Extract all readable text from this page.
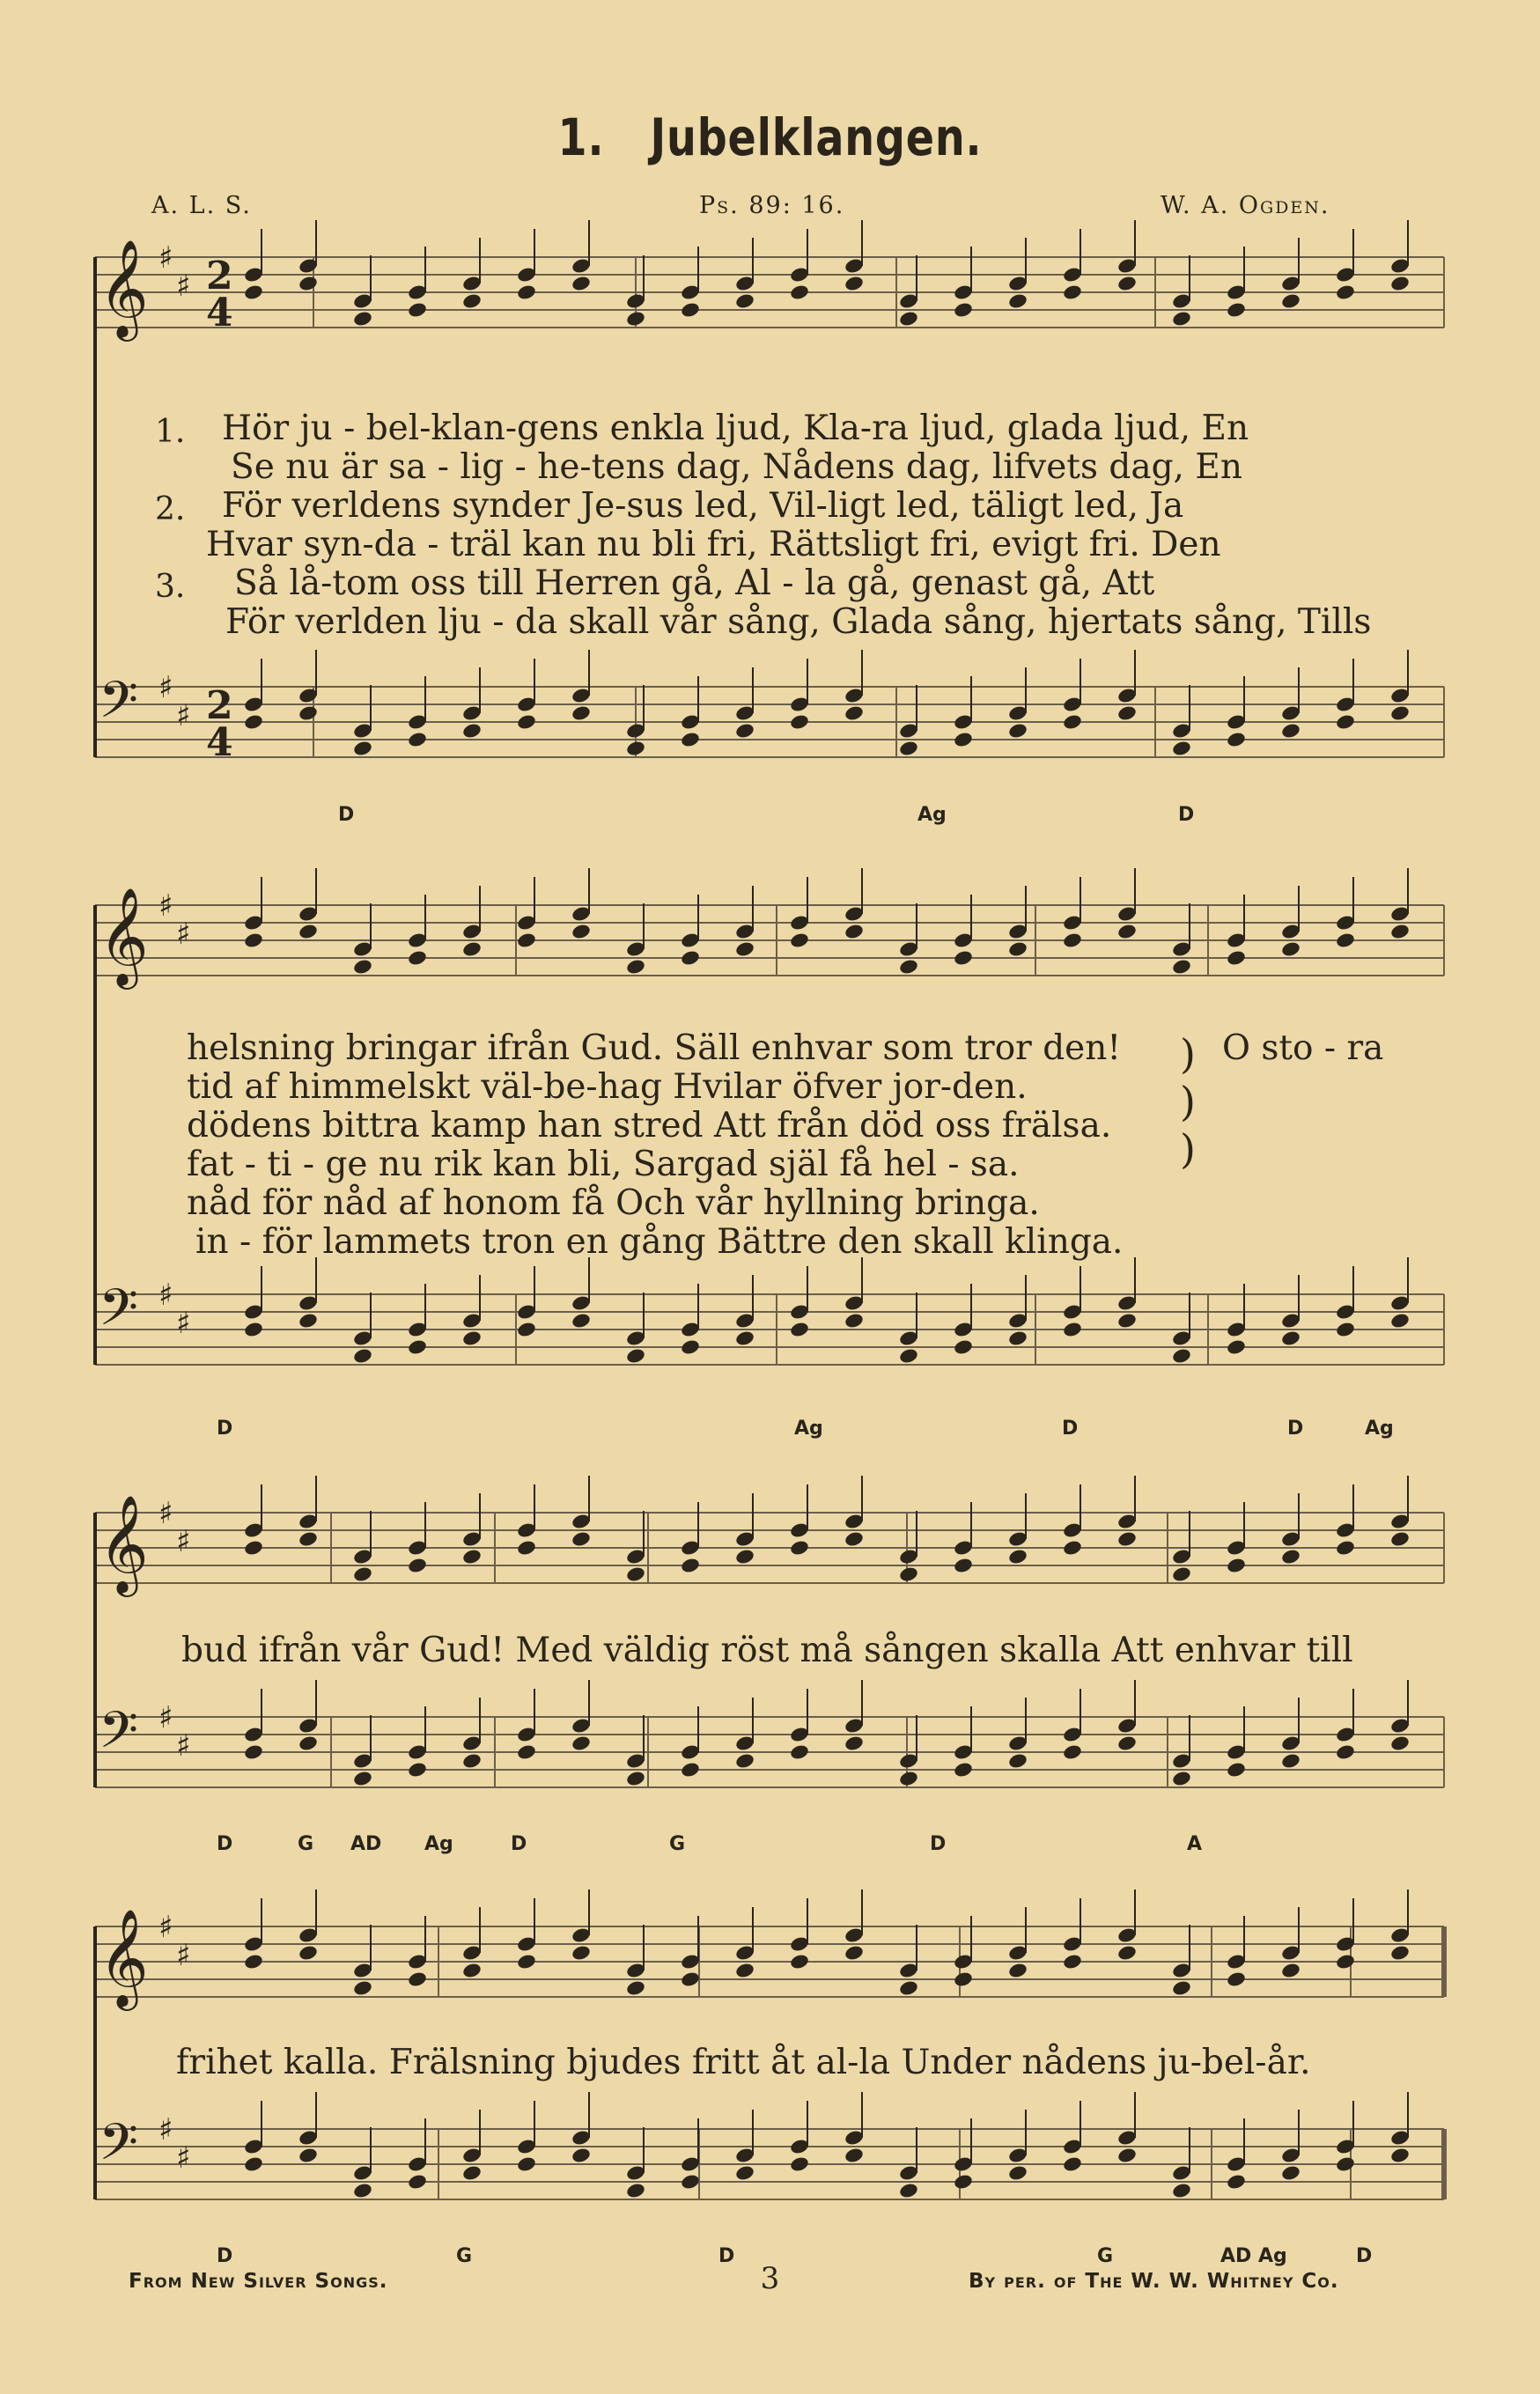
𝄞 ♯
♯ 2
4
𝄢 ♯
♯ 2
4
𝄞 ♯
♯
𝄢 ♯
♯
𝄞 ♯
♯
𝄢 ♯
♯
𝄞 ♯
♯
𝄢 ♯
♯
1. Jubelklangen.
A. L. S.	Ps. 89: 16.	W. A. Ogden.
1.
2.
3.
Hör ju - bel-klan-gens enkla ljud, Kla-ra ljud, glada ljud, En
Se nu är sa - lig - he-tens dag, Nådens dag, lifvets dag, En
För verldens synder Je-sus led, Vil-ligt led, täligt led, Ja
Hvar syn-da - träl kan nu bli fri, Rättsligt fri, evigt fri. Den
Så lå-tom oss till Herren gå, Al - la gå, genast gå, Att
För verlden lju - da skall vår sång, Glada sång, hjertats sång, Tills
helsning bringar ifrån Gud. Säll enhvar som tror den!
tid af himmelskt väl-be-hag Hvilar öfver jor-den.
dödens bittra kamp han stred Att från död oss frälsa.
fat - ti - ge nu rik kan bli, Sargad själ få hel - sa.
nåd för nåd af honom få Och vår hyllning bringa.
in - för lammets tron en gång Bättre den skall klinga.
)
)
)
O sto - ra
bud ifrån vår Gud! Med väldig röst må sången skalla Att enhvar till
frihet kalla. Frälsning bjudes fritt åt al-la Under nådens ju-bel-år.
D	Ag	D
D	Ag	D	D	Ag
D	G AD Ag	D	G	D	A
D	G	D	G	AD Ag	D
From New Silver Songs.	3	By per. of The W. W. Whitney Co.
